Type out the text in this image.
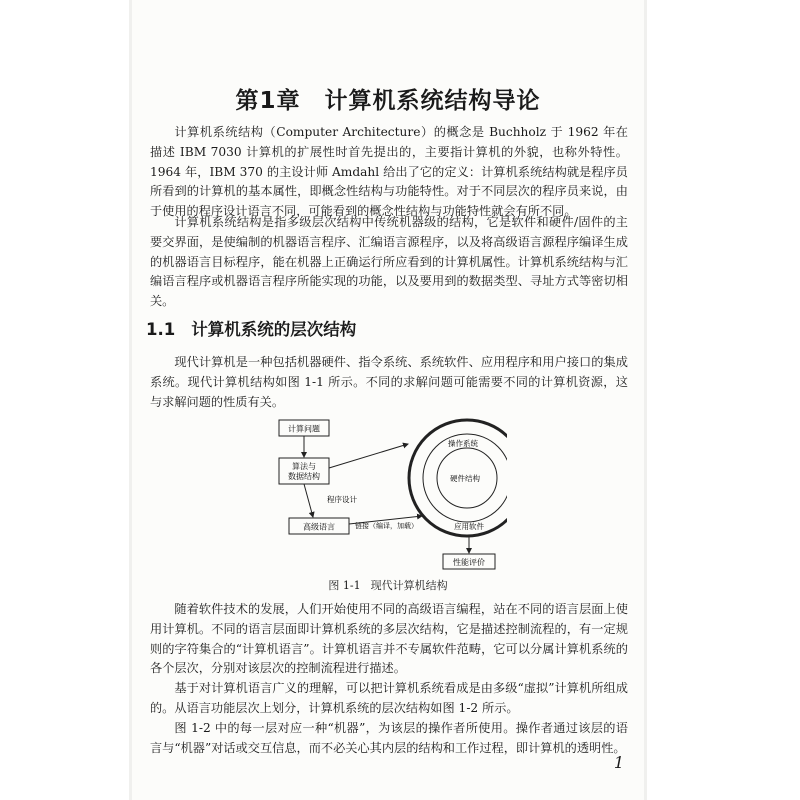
第1章　计算机系统结构导论

计算机系统结构（Computer Architecture）的概念是 Buchholz 于 1962 年在描述 IBM 7030 计算机的扩展性时首先提出的，主要指计算机的外貌，也称外特性。1964 年，IBM 370 的主设计师 Amdahl 给出了它的定义：计算机系统结构就是程序员所看到的计算机的基本属性，即概念性结构与功能特性。对于不同层次的程序员来说，由于使用的程序设计语言不同，可能看到的概念性结构与功能特性就会有所不同。

计算机系统结构是指多级层次结构中传统机器级的结构，它是软件和硬件/固件的主要交界面，是使编制的机器语言程序、汇编语言源程序，以及将高级语言源程序编译生成的机器语言目标程序，能在机器上正确运行所应看到的计算机属性。计算机系统结构与汇编语言程序或机器语言程序所能实现的功能，以及要用到的数据类型、寻址方式等密切相关。

1.1 计算机系统的层次结构

现代计算机是一种包括机器硬件、指令系统、系统软件、应用程序和用户接口的集成系统。现代计算机结构如图 1-1 所示。不同的求解问题可能需要不同的计算机资源，这与求解问题的性质有关。

计算问题
算法与
数据结构
高级语言
性能评价
操作系统
硬件结构
应用软件
程序设计
链接（编译，加载）
图 1-1 现代计算机结构

随着软件技术的发展，人们开始使用不同的高级语言编程，站在不同的语言层面上使用计算机。不同的语言层面即计算机系统的多层次结构，它是描述控制流程的，有一定规则的字符集合的“计算机语言”。计算机语言并不专属软件范畴，它可以分属计算机系统的各个层次，分别对该层次的控制流程进行描述。

基于对计算机语言广义的理解，可以把计算机系统看成是由多级“虚拟”计算机所组成的。从语言功能层次上划分，计算机系统的层次结构如图 1-2 所示。

图 1-2 中的每一层对应一种“机器”，为该层的操作者所使用。操作者通过该层的语言与“机器”对话或交互信息，而不必关心其内层的结构和工作过程，即计算机的透明性。

1
